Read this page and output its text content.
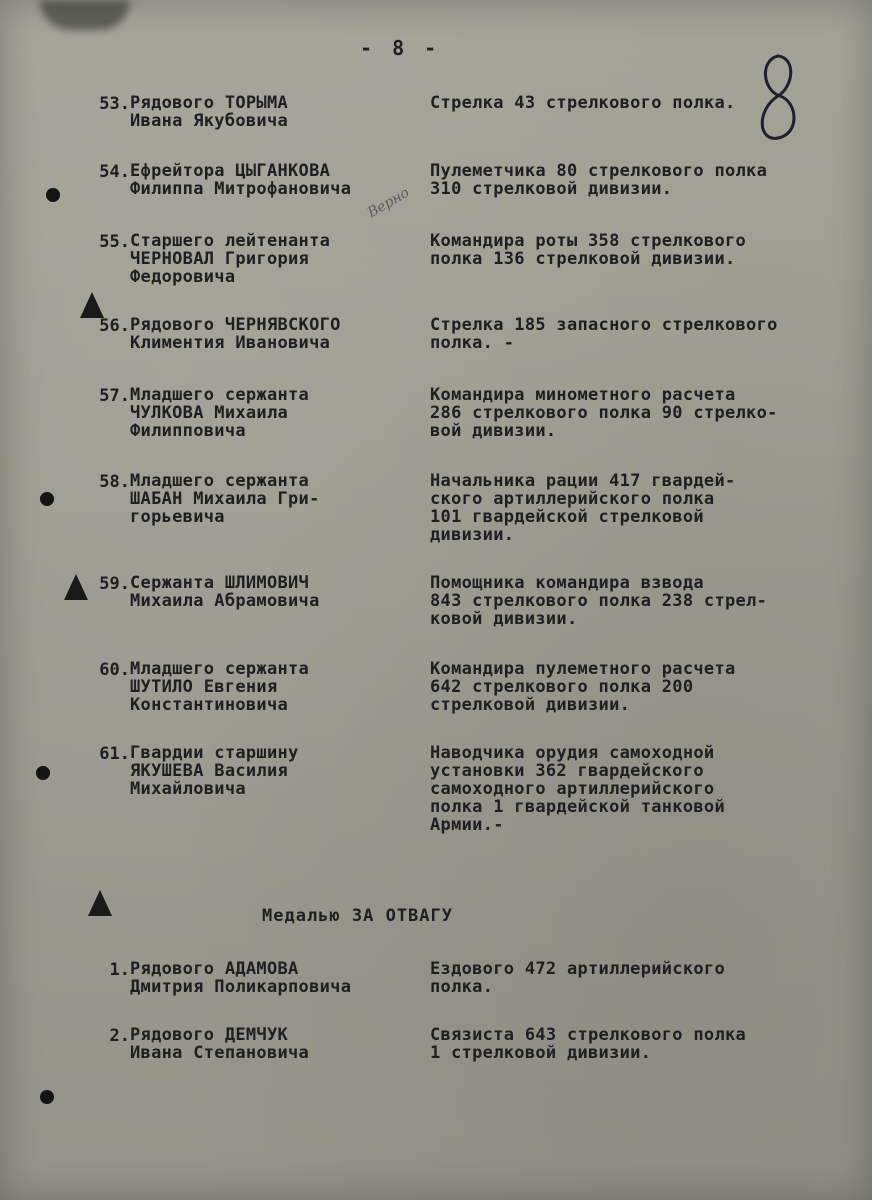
- 8 -
Верно
53. Рядового ТОРЫМА
Ивана Якубовича
Стрелка 43 стрелкового полка.
54. Ефрейтора ЦЫГАНКОВА
Филиппа Митрофановича
Пулеметчика 80 стрелкового полка
310 стрелковой дивизии.
55. Старшего лейтенанта
ЧЕРНОВАЛ Григория
Федоровича
Командира роты 358 стрелкового
полка 136 стрелковой дивизии.
56. Рядового ЧЕРНЯВСКОГО
Климентия Ивановича
Стрелка 185 запасного стрелкового
полка. -
57. Младшего сержанта
ЧУЛКОВА Михаила
Филипповича
Командира минометного расчета
286 стрелкового полка 90 стрелко-
вой дивизии.
58. Младшего сержанта
ШАБАН Михаила Гри-
горьевича
Начальника рации 417 гвардей-
ского артиллерийского полка
101 гвардейской стрелковой
дивизии.
59. Сержанта ШЛИМОВИЧ
Михаила Абрамовича
Помощника командира взвода
843 стрелкового полка 238 стрел-
ковой дивизии.
60. Младшего сержанта
ШУТИЛО Евгения
Константиновича
Командира пулеметного расчета
642 стрелкового полка 200
стрелковой дивизии.
61. Гвардии старшину
ЯКУШЕВА Василия
Михайловича
Наводчика орудия самоходной
установки 362 гвардейского
самоходного артиллерийского
полка 1 гвардейской танковой
Армии.-
Медалью ЗА ОТВАГУ
1. Рядового АДАМОВА
Дмитрия Поликарповича
Ездового 472 артиллерийского
полка.
2. Рядового ДЕМЧУК
Ивана Степановича
Связиста 643 стрелкового полка
1 стрелковой дивизии.
